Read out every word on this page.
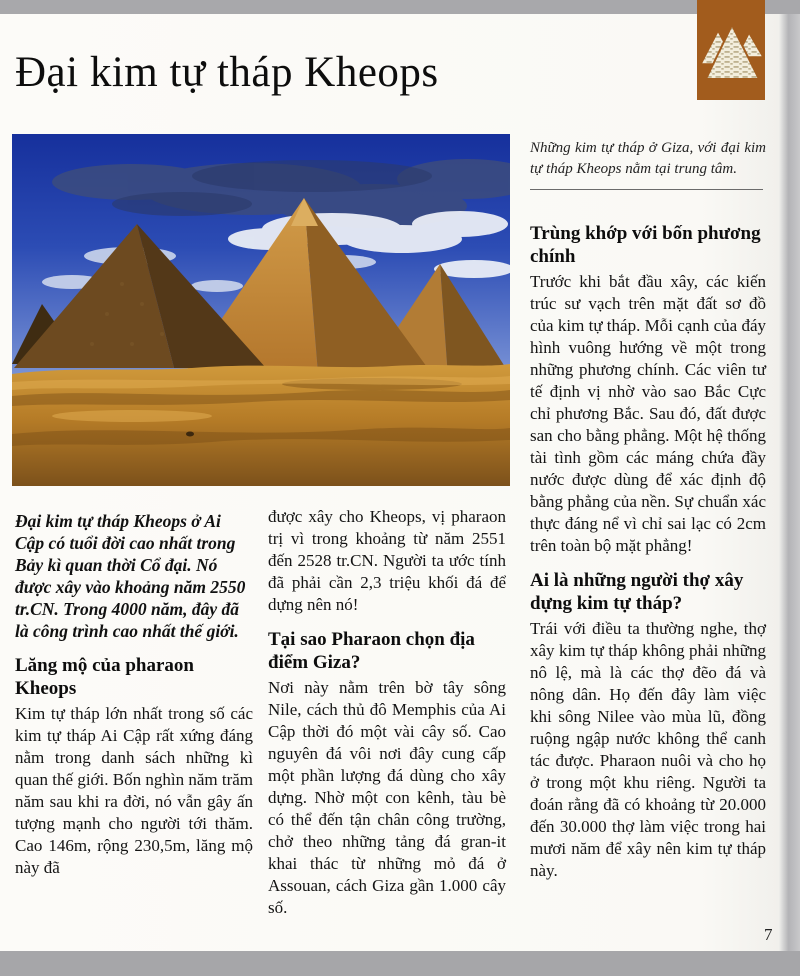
Đại kim tự tháp Kheops

Những kim tự tháp ở Giza, với đại kim tự tháp Kheops nằm tại trung tâm.

Trùng khớp với bốn phương chính

Trước khi bắt đầu xây, các kiến trúc sư vạch trên mặt đất sơ đồ của kim tự tháp. Mỗi cạnh của đáy hình vuông hướng về một trong những phương chính. Các viên tư tế định vị nhờ vào sao Bắc Cực chỉ phương Bắc. Sau đó, đất được san cho bằng phẳng. Một hệ thống tài tình gồm các máng chứa đầy nước được dùng để xác định độ bằng phẳng của nền. Sự chuẩn xác thực đáng nể vì chỉ sai lạc có 2cm trên toàn bộ mặt phẳng!

Ai là những người thợ xây dựng kim tự tháp?

Trái với điều ta thường nghe, thợ xây kim tự tháp không phải những nô lệ, mà là các thợ đẽo đá và nông dân. Họ đến đây làm việc khi sông Nilee vào mùa lũ, đồng ruộng ngập nước không thể canh tác được. Pharaon nuôi và cho họ ở trong một khu riêng. Người ta đoán rằng đã có khoảng từ 20.000 đến 30.000 thợ làm việc trong hai mươi năm để xây nên kim tự tháp này.

Đại kim tự tháp Kheops ở Ai Cập có tuổi đời cao nhất trong Bảy kì quan thời Cổ đại. Nó được xây vào khoảng năm 2550 tr.CN. Trong 4000 năm, đây đã là công trình cao nhất thế giới.

Lăng mộ của pharaon Kheops

Kim tự tháp lớn nhất trong số các kim tự tháp Ai Cập rất xứng đáng nằm trong danh sách những kì quan thế giới. Bốn nghìn năm trăm năm sau khi ra đời, nó vẫn gây ấn tượng mạnh cho người tới thăm. Cao 146m, rộng 230,5m, lăng mộ này đã

được xây cho Kheops, vị pharaon trị vì trong khoảng từ năm 2551 đến 2528 tr.CN. Người ta ước tính đã phải cần 2,3 triệu khối đá để dựng nên nó!

Tại sao Pharaon chọn địa điểm Giza?

Nơi này nằm trên bờ tây sông Nile, cách thủ đô Memphis của Ai Cập thời đó một vài cây số. Cao nguyên đá vôi nơi đây cung cấp một phần lượng đá dùng cho xây dựng. Nhờ một con kênh, tàu bè có thể đến tận chân công trường, chở theo những tảng đá gran-it khai thác từ những mỏ đá ở Assouan, cách Giza gần 1.000 cây số.

7
